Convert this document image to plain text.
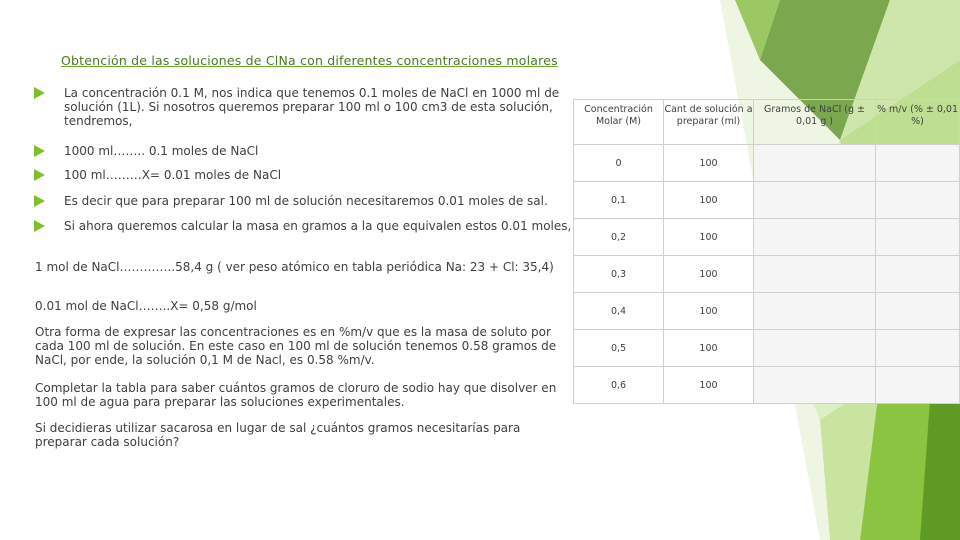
Obtención de las soluciones de ClNa con diferentes concentraciones molares
La concentración 0.1 M, nos indica que tenemos 0.1 moles de NaCl en 1000 ml de solución (1L). Si nosotros queremos preparar 100 ml o 100 cm3 de esta solución, tendremos,
1000 ml…….. 0.1 moles de NaCl
100 ml………X= 0.01 moles de NaCl
Es decir que para preparar 100 ml de solución necesitaremos 0.01 moles de sal.
Si ahora queremos calcular la masa en gramos a la que equivalen estos 0.01 moles,
1 mol de NaCl…………..58,4 g ( ver peso atómico en tabla periódica Na: 23 + Cl: 35,4)
0.01 mol de NaCl……..X= 0,58 g/mol
Otra forma de expresar las concentraciones es en %m/v que es la masa de soluto por cada 100 ml de solución. En este caso en 100 ml de solución tenemos 0.58 gramos de NaCl, por ende, la solución 0,1 M de Nacl, es 0.58 %m/v.
Completar la tabla para saber cuántos gramos de cloruro de sodio hay que disolver en 100 ml de agua para preparar las soluciones experimentales.
Si decidieras utilizar sacarosa en lugar de sal ¿cuántos gramos necesitarías para preparar cada solución?
Concentración Molar (M)	Cant de solución a preparar (ml)	Gramos de NaCl (g ± 0,01 g )	% m/v (% ± 0,01 %)
0	100		
0,1	100		
0,2	100		
0,3	100		
0,4	100		
0,5	100		
0,6	100		
